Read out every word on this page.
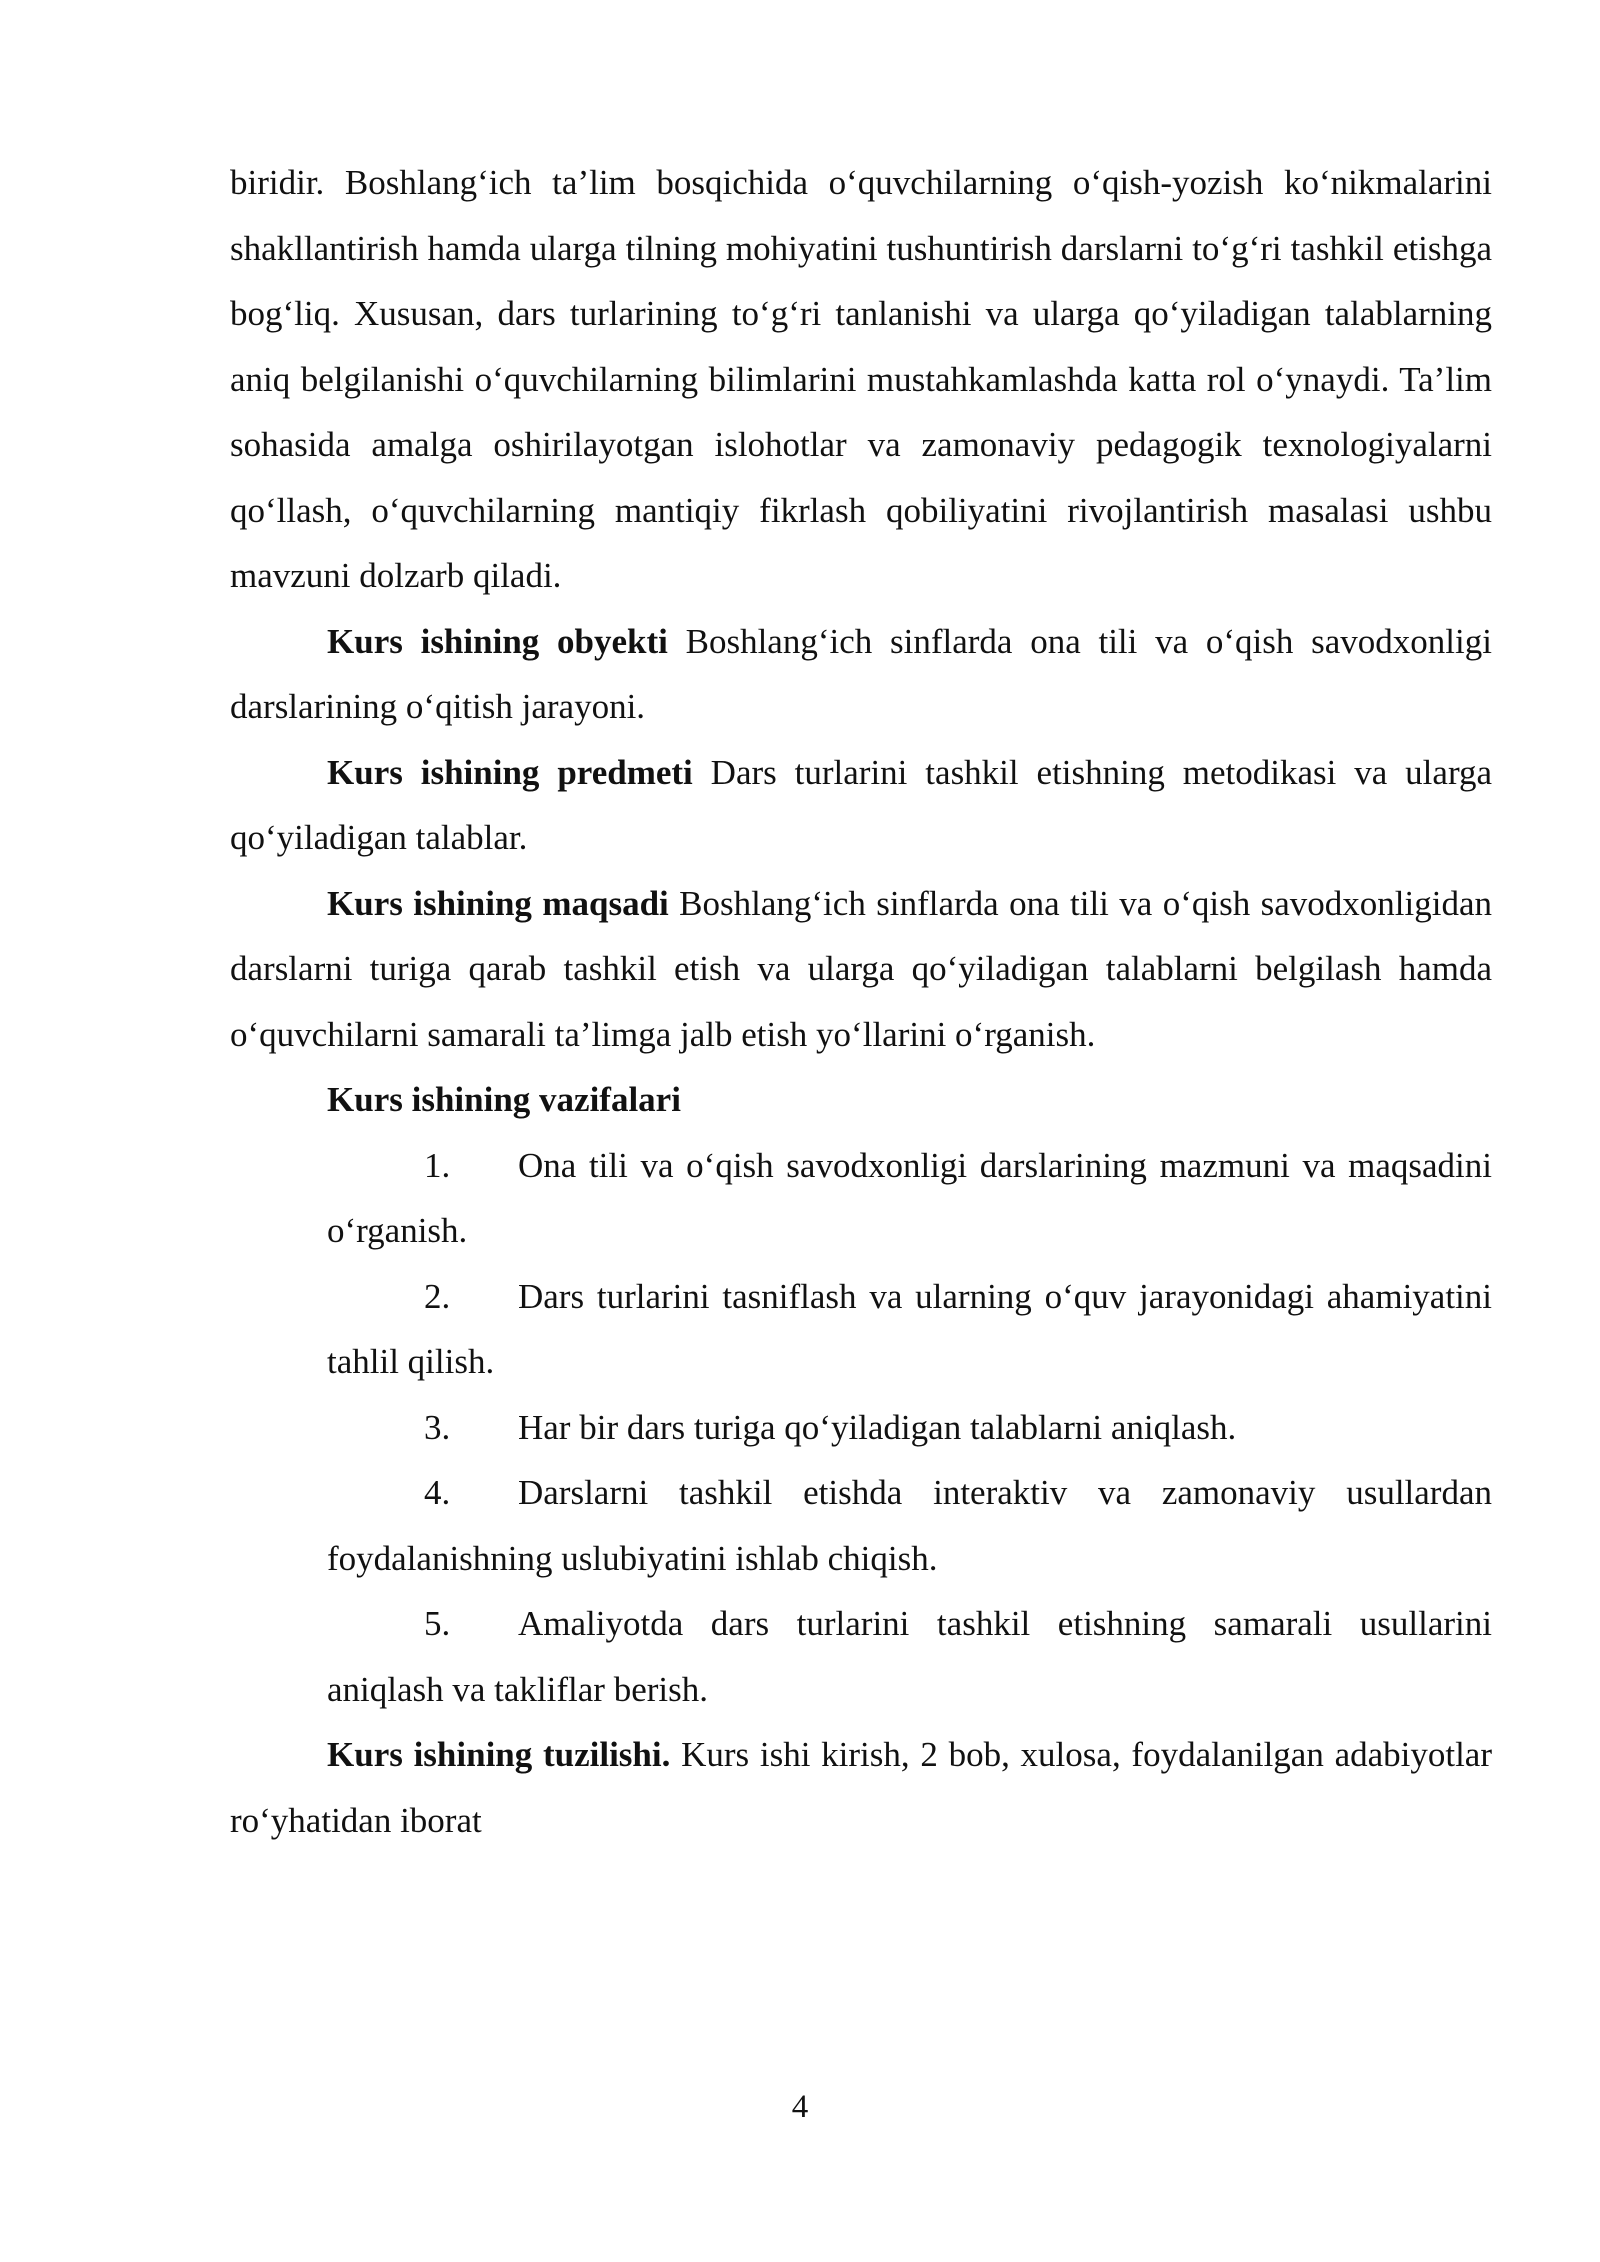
biridir. Boshlang‘ich ta’lim bosqichida o‘quvchilarning o‘qish-yozish ko‘nikmalarini shakllantirish hamda ularga tilning mohiyatini tushuntirish darslarni to‘g‘ri tashkil etishga bog‘liq. Xususan, dars turlarining to‘g‘ri tanlanishi va ularga qo‘yiladigan talablarning aniq belgilanishi o‘quvchilarning bilimlarini mustahkamlashda katta rol o‘ynaydi. Ta’lim sohasida amalga oshirilayotgan islohotlar va zamonaviy pedagogik texnologiyalarni qo‘llash, o‘quvchilarning mantiqiy fikrlash qobiliyatini rivojlantirish masalasi ushbu mavzuni dolzarb qiladi.

Kurs ishining obyekti Boshlang‘ich sinflarda ona tili va o‘qish savodxonligi darslarining o‘qitish jarayoni.

Kurs ishining predmeti Dars turlarini tashkil etishning metodikasi va ularga qo‘yiladigan talablar.

Kurs ishining maqsadi Boshlang‘ich sinflarda ona tili va o‘qish savodxonligidan darslarni turiga qarab tashkil etish va ularga qo‘yiladigan talablarni belgilash hamda o‘quvchilarni samarali ta’limga jalb etish yo‘llarini o‘rganish.

Kurs ishining vazifalari

1. Ona tili va o‘qish savodxonligi darslarining mazmuni va maqsadini o‘rganish.

2. Dars turlarini tasniflash va ularning o‘quv jarayonidagi ahamiyatini tahlil qilish.

3. Har bir dars turiga qo‘yiladigan talablarni aniqlash.

4. Darslarni tashkil etishda interaktiv va zamonaviy usullardan foydalanishning uslubiyatini ishlab chiqish.

5. Amaliyotda dars turlarini tashkil etishning samarali usullarini aniqlash va takliflar berish.

Kurs ishining tuzilishi. Kurs ishi kirish, 2 bob, xulosa, foydalanilgan adabiyotlar ro‘yhatidan iborat

4
